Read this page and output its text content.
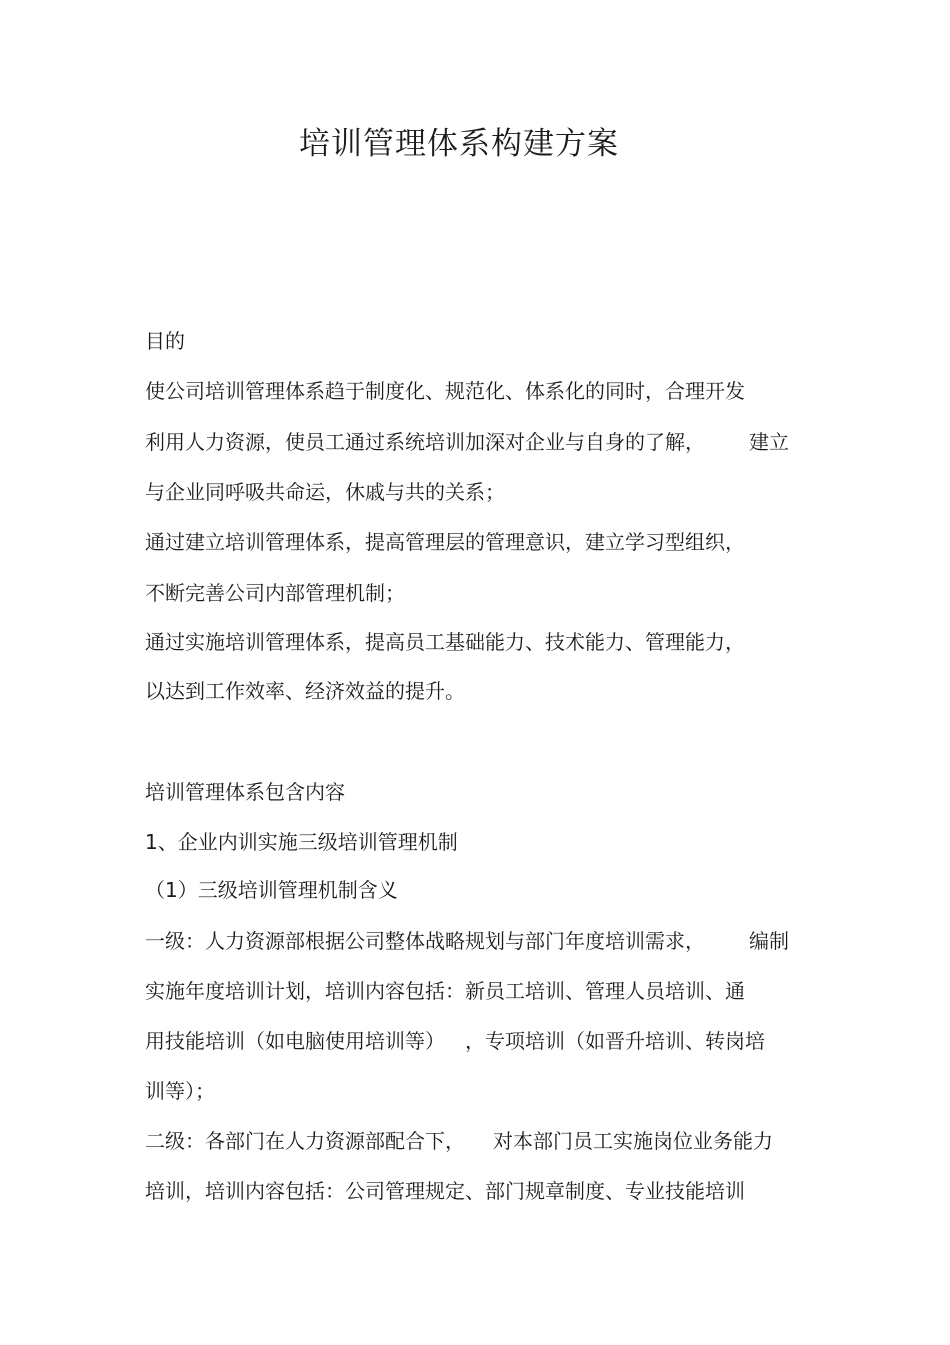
培训管理体系构建方案
目的
使公司培训管理体系趋于制度化、规范化、体系化的同时，合理开发
利用人力资源，使员工通过系统培训加深对企业与自身的了解， 建立
与企业同呼吸共命运，休戚与共的关系；
通过建立培训管理体系，提高管理层的管理意识，建立学习型组织，
不断完善公司内部管理机制；
通过实施培训管理体系，提高员工基础能力、技术能力、管理能力，
以达到工作效率、经济效益的提升。
培训管理体系包含内容
1、企业内训实施三级培训管理机制
（1）三级培训管理机制含义
一级：人力资源部根据公司整体战略规划与部门年度培训需求， 编制
实施年度培训计划，培训内容包括：新员工培训、管理人员培训、通
用技能培训（如电脑使用培训等） ，专项培训（如晋升培训、转岗培
训等）；
二级：各部门在人力资源部配合下， 对本部门员工实施岗位业务能力
培训，培训内容包括：公司管理规定、部门规章制度、专业技能培训
